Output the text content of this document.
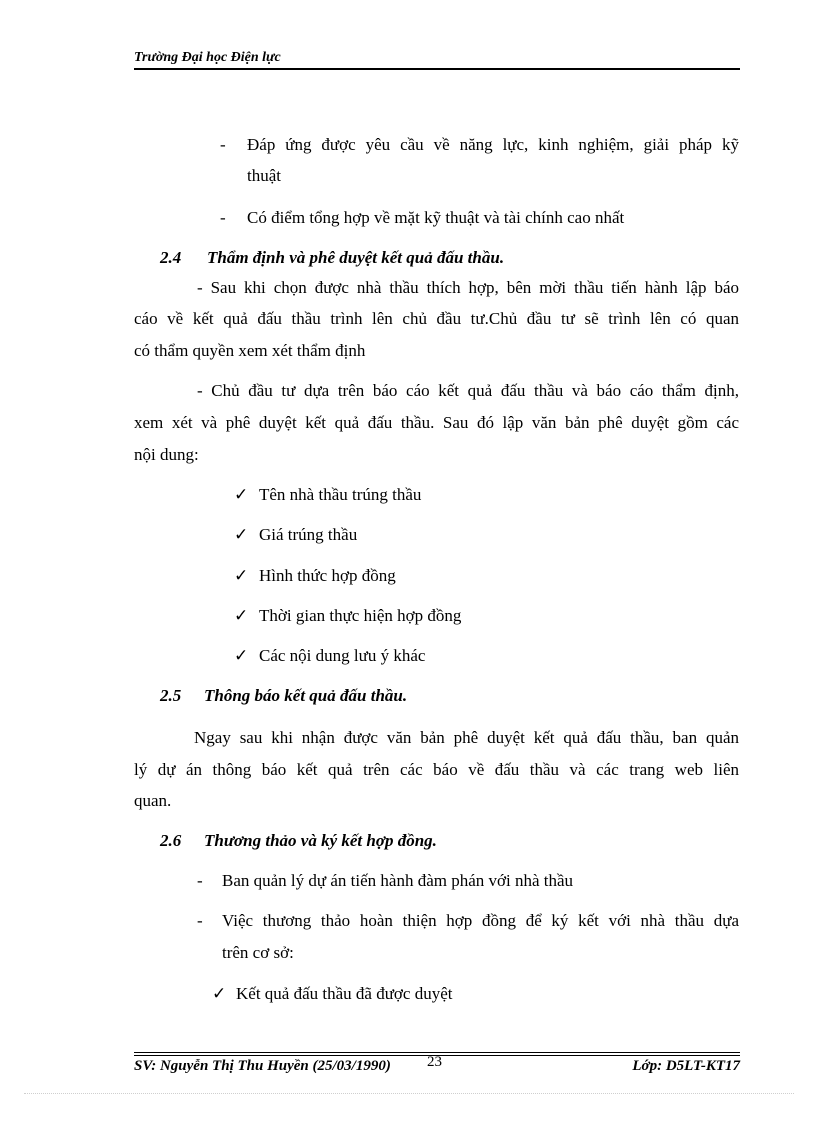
Trường Đại học Điện lực
- Đáp ứng được yêu cầu về năng lực, kinh nghiệm, giải pháp kỹ
thuật
- Có điểm tổng hợp về mặt kỹ thuật và tài chính cao nhất
2.4 Thẩm định và phê duyệt kết quả đấu thầu.
- Sau khi chọn được nhà thầu thích hợp, bên mời thầu tiến hành lập báo
cáo về kết quả đấu thầu trình lên chủ đầu tư.Chủ đầu tư sẽ trình lên có quan
có thẩm quyền xem xét thẩm định
- Chủ đầu tư dựa trên báo cáo kết quả đấu thầu và báo cáo thẩm định,
xem xét và phê duyệt kết quả đấu thầu. Sau đó lập văn bản phê duyệt gồm các
nội dung:
✓ Tên nhà thầu trúng thầu
✓ Giá trúng thầu
✓ Hình thức hợp đồng
✓ Thời gian thực hiện hợp đồng
✓ Các nội dung lưu ý khác
2.5 Thông báo kết quả đấu thầu.
Ngay sau khi nhận được văn bản phê duyệt kết quả đấu thầu, ban quản
lý dự án thông báo kết quả trên các báo về đấu thầu và các trang web liên
quan.
2.6 Thương thảo và ký kết hợp đồng.
- Ban quản lý dự án tiến hành đàm phán với nhà thầu
- Việc thương thảo hoàn thiện hợp đồng để ký kết với nhà thầu dựa
trên cơ sở:
✓ Kết quả đấu thầu đã được duyệt
SV: Nguyễn Thị Thu Huyền (25/03/1990) 23	Lớp: D5LT-KT17
